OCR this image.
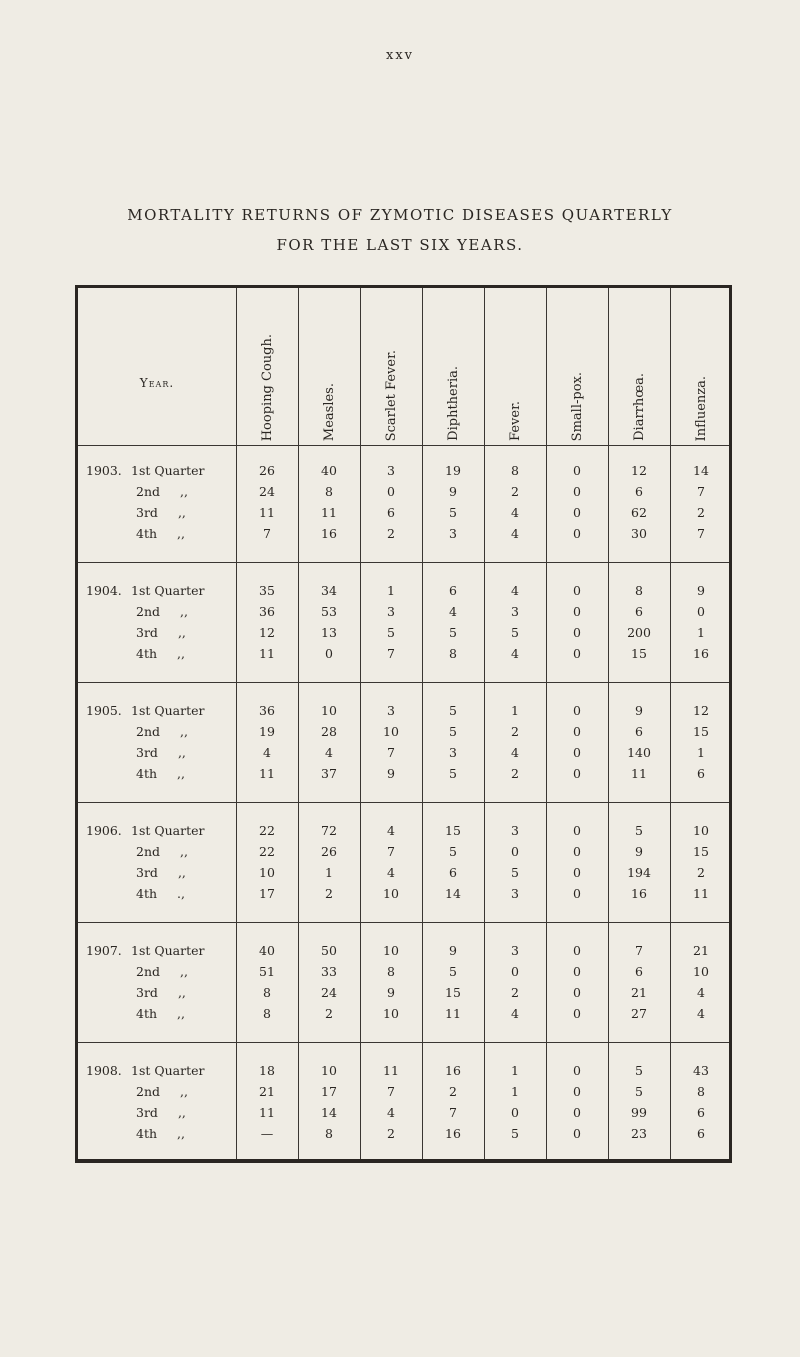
xxv
MORTALITY RETURNS OF ZYMOTIC DISEASES QUARTERLY
FOR THE LAST SIX YEARS.
Year.	Hooping Cough.	Measles.	Scarlet Fever.	Diphtheria.	Fever.	Small-pox.	Diarrhœa.	Influenza.
1903. 1st Quarter	26	40	3	19	8	0	12	14
2nd ,,	24	8	0	9	2	0	6	7
3rd ,,	11	11	6	5	4	0	62	2
4th ,,	7	16	2	3	4	0	30	7
1904. 1st Quarter	35	34	1	6	4	0	8	9
2nd ,,	36	53	3	4	3	0	6	0
3rd ,,	12	13	5	5	5	0	200	1
4th ,,	11	0	7	8	4	0	15	16
1905. 1st Quarter	36	10	3	5	1	0	9	12
2nd ,,	19	28	10	5	2	0	6	15
3rd ,,	4	4	7	3	4	0	140	1
4th ,,	11	37	9	5	2	0	11	6
1906. 1st Quarter	22	72	4	15	3	0	5	10
2nd ,,	22	26	7	5	0	0	9	15
3rd ,,	10	1	4	6	5	0	194	2
4th .,	17	2	10	14	3	0	16	11
1907. 1st Quarter	40	50	10	9	3	0	7	21
2nd ,,	51	33	8	5	0	0	6	10
3rd ,,	8	24	9	15	2	0	21	4
4th ,,	8	2	10	11	4	0	27	4
1908. 1st Quarter	18	10	11	16	1	0	5	43
2nd ,,	21	17	7	2	1	0	5	8
3rd ,,	11	14	4	7	0	0	99	6
4th ,,	—	8	2	16	5	0	23	6
